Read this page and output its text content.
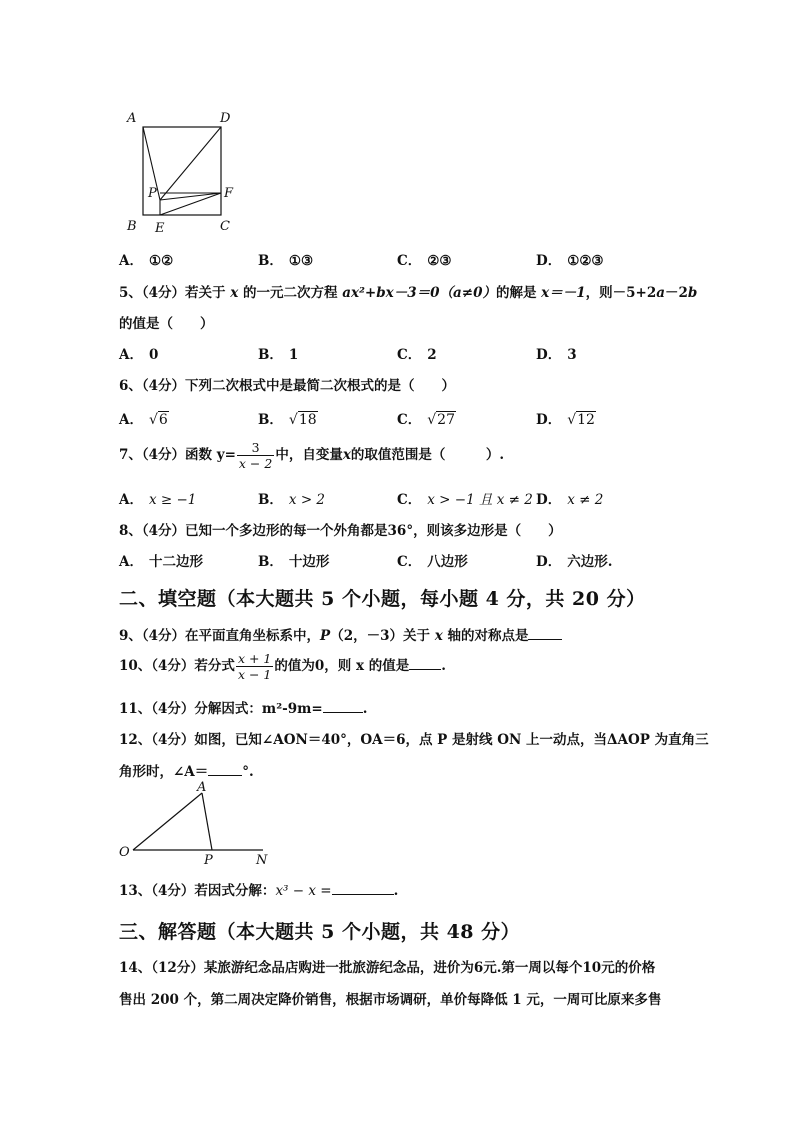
A	D
P	F
B E	C
A． ①②	B． ①③	C． ②③	D． ①②③
5、（4分）若关于 x 的一元二次方程 ax²+bx－3＝0（a≠0）的解是 x＝－1，则－5+2a－2b
的值是（　　）
A． 0	B． 1	C． 2	D． 3
6、（4分）下列二次根式中是最简二次根式的是（　　）
A． √6	B． √18	C． √27	D． √12
7、（4分）函数 $y= \frac{3}{x - 2}$ 中，自变量x的取值范围是（　　　）.
A． x ≥ −1	B． x > 2	C． x > −1 且 x ≠ 2 D． x ≠ 2
8、（4分）已知一个多边形的每一个外角都是36°，则该多边形是（　　）
A． 十二边形	B． 十边形	C． 八边形	D． 六边形.
二、填空题（本大题共 5 个小题，每小题 4 分，共 20 分）
9、（4分）在平面直角坐标系中，P（2，－3）关于 x 轴的对称点是
10、（4分）若分式 $\frac{x + 1}{x - 1}$ 的值为0，则 x 的值是 .
11、（4分）分解因式：m²-9m=	.
12、（4分）如图，已知∠AON＝40°，OA＝6，点 P 是射线 ON 上一动点，当ΔAOP 为直角三
角形时，∠A＝	°.
A
O
P	N
13、（4分）若因式分解：x³ − x =	.
三、解答题（本大题共 5 个小题，共 48 分）
14、（12分）某旅游纪念品店购进一批旅游纪念品，进价为6元.第一周以每个10元的价格
售出 200 个，第二周决定降价销售，根据市场调研，单价每降低 1 元，一周可比原来多售
